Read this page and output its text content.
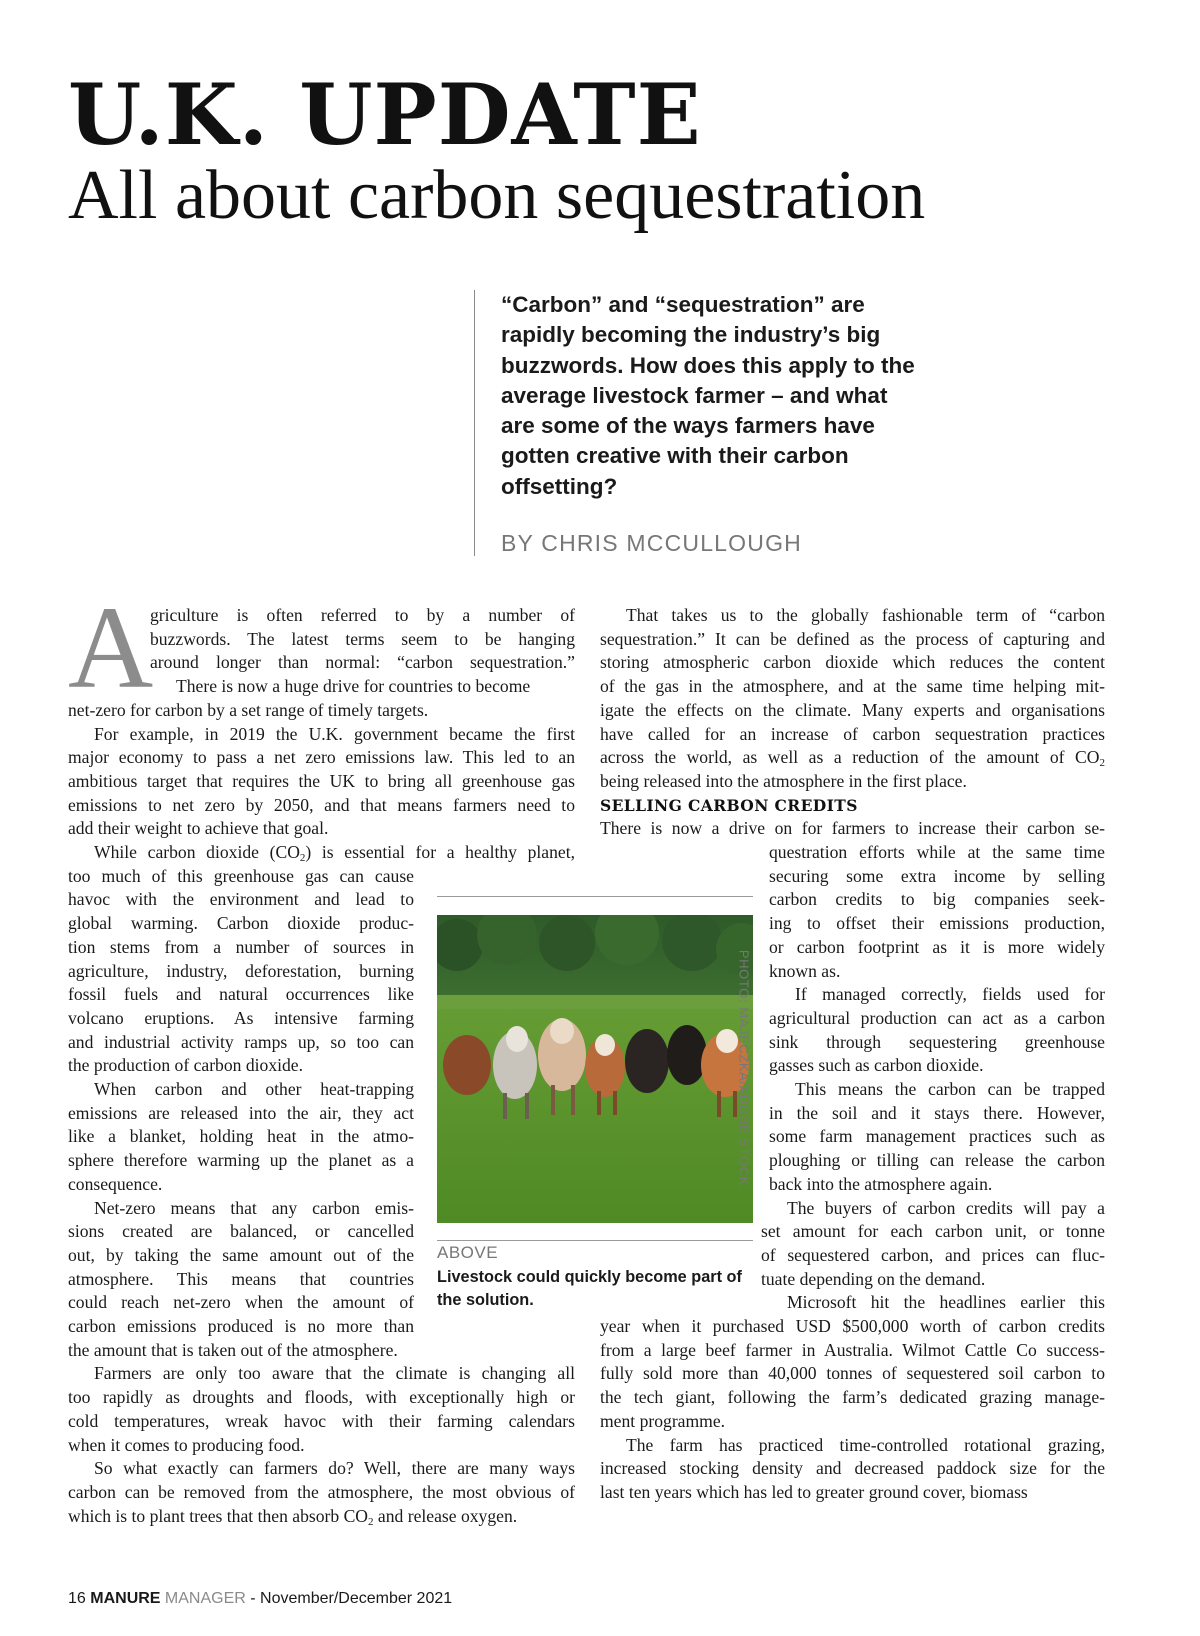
U.K. UPDATE
All about carbon sequestration
“Carbon” and “sequestration” are rapidly becoming the industry’s big buzzwords. How does this apply to the average livestock farmer – and what are some of the ways farmers have gotten creative with their carbon offsetting?
BY CHRIS MCCULLOUGH
A
griculture is often referred to by a number of
buzzwords. The latest terms seem to be hanging
around longer than normal: “carbon sequestration.”
There is now a huge drive for countries to become
net-zero for carbon by a set range of timely targets.
For example, in 2019 the U.K. government became the first
major economy to pass a net zero emissions law. This led to an
ambitious target that requires the UK to bring all greenhouse gas
emissions to net zero by 2050, and that means farmers need to
add their weight to achieve that goal.
While carbon dioxide $(CO_2)$ is essential for a healthy planet,
too much of this greenhouse gas can cause
havoc with the environment and lead to
global warming. Carbon dioxide produc-
tion stems from a number of sources in
agriculture, industry, deforestation, burning
fossil fuels and natural occurrences like
volcano eruptions. As intensive farming
and industrial activity ramps up, so too can
the production of carbon dioxide.
When carbon and other heat-trapping
emissions are released into the air, they act
like a blanket, holding heat in the atmo-
sphere therefore warming up the planet as a
consequence.
Net-zero means that any carbon emis-
sions created are balanced, or cancelled
out, by taking the same amount out of the
atmosphere. This means that countries
could reach net-zero when the amount of
carbon emissions produced is no more than
the amount that is taken out of the atmosphere.
Farmers are only too aware that the climate is changing all
too rapidly as droughts and floods, with exceptionally high or
cold temperatures, wreak havoc with their farming calendars
when it comes to producing food.
So what exactly can farmers do? Well, there are many ways
carbon can be removed from the atmosphere, the most obvious of
which is to plant trees that then absorb $CO_2$ and release oxygen.
That takes us to the globally fashionable term of “carbon
sequestration.” It can be defined as the process of capturing and
storing atmospheric carbon dioxide which reduces the content
of the gas in the atmosphere, and at the same time helping mit-
igate the effects on the climate. Many experts and organisations
have called for an increase of carbon sequestration practices
across the world, as well as a reduction of the amount of $CO_2$
being released into the atmosphere in the first place.
SELLING CARBON CREDITS
There is now a drive on for farmers to increase their carbon se-
questration efforts while at the same time
securing some extra income by selling
carbon credits to big companies seek-
ing to offset their emissions production,
or carbon footprint as it is more widely
known as.
If managed correctly, fields used for
agricultural production can act as a carbon
sink through sequestering greenhouse
gasses such as carbon dioxide.
This means the carbon can be trapped
in the soil and it stays there. However,
some farm management practices such as
ploughing or tilling can release the carbon
back into the atmosphere again.
The buyers of carbon credits will pay a
set amount for each carbon unit, or tonne
of sequestered carbon, and prices can fluc-
tuate depending on the demand.
Microsoft hit the headlines earlier this
year when it purchased USD $500,000 worth of carbon credits
from a large beef farmer in Australia. Wilmot Cattle Co success-
fully sold more than 40,000 tonnes of sequestered soil carbon to
the tech giant, following the farm’s dedicated grazing manage-
ment programme.
The farm has practiced time-controlled rotational grazing,
increased stocking density and decreased paddock size for the
last ten years which has led to greater ground cover, biomass
PHOTO: MAJECZKA/ADOBE STOCK.
ABOVE
Livestock could quickly become part of the solution.
16 MANURE MANAGER - November/December 2021
